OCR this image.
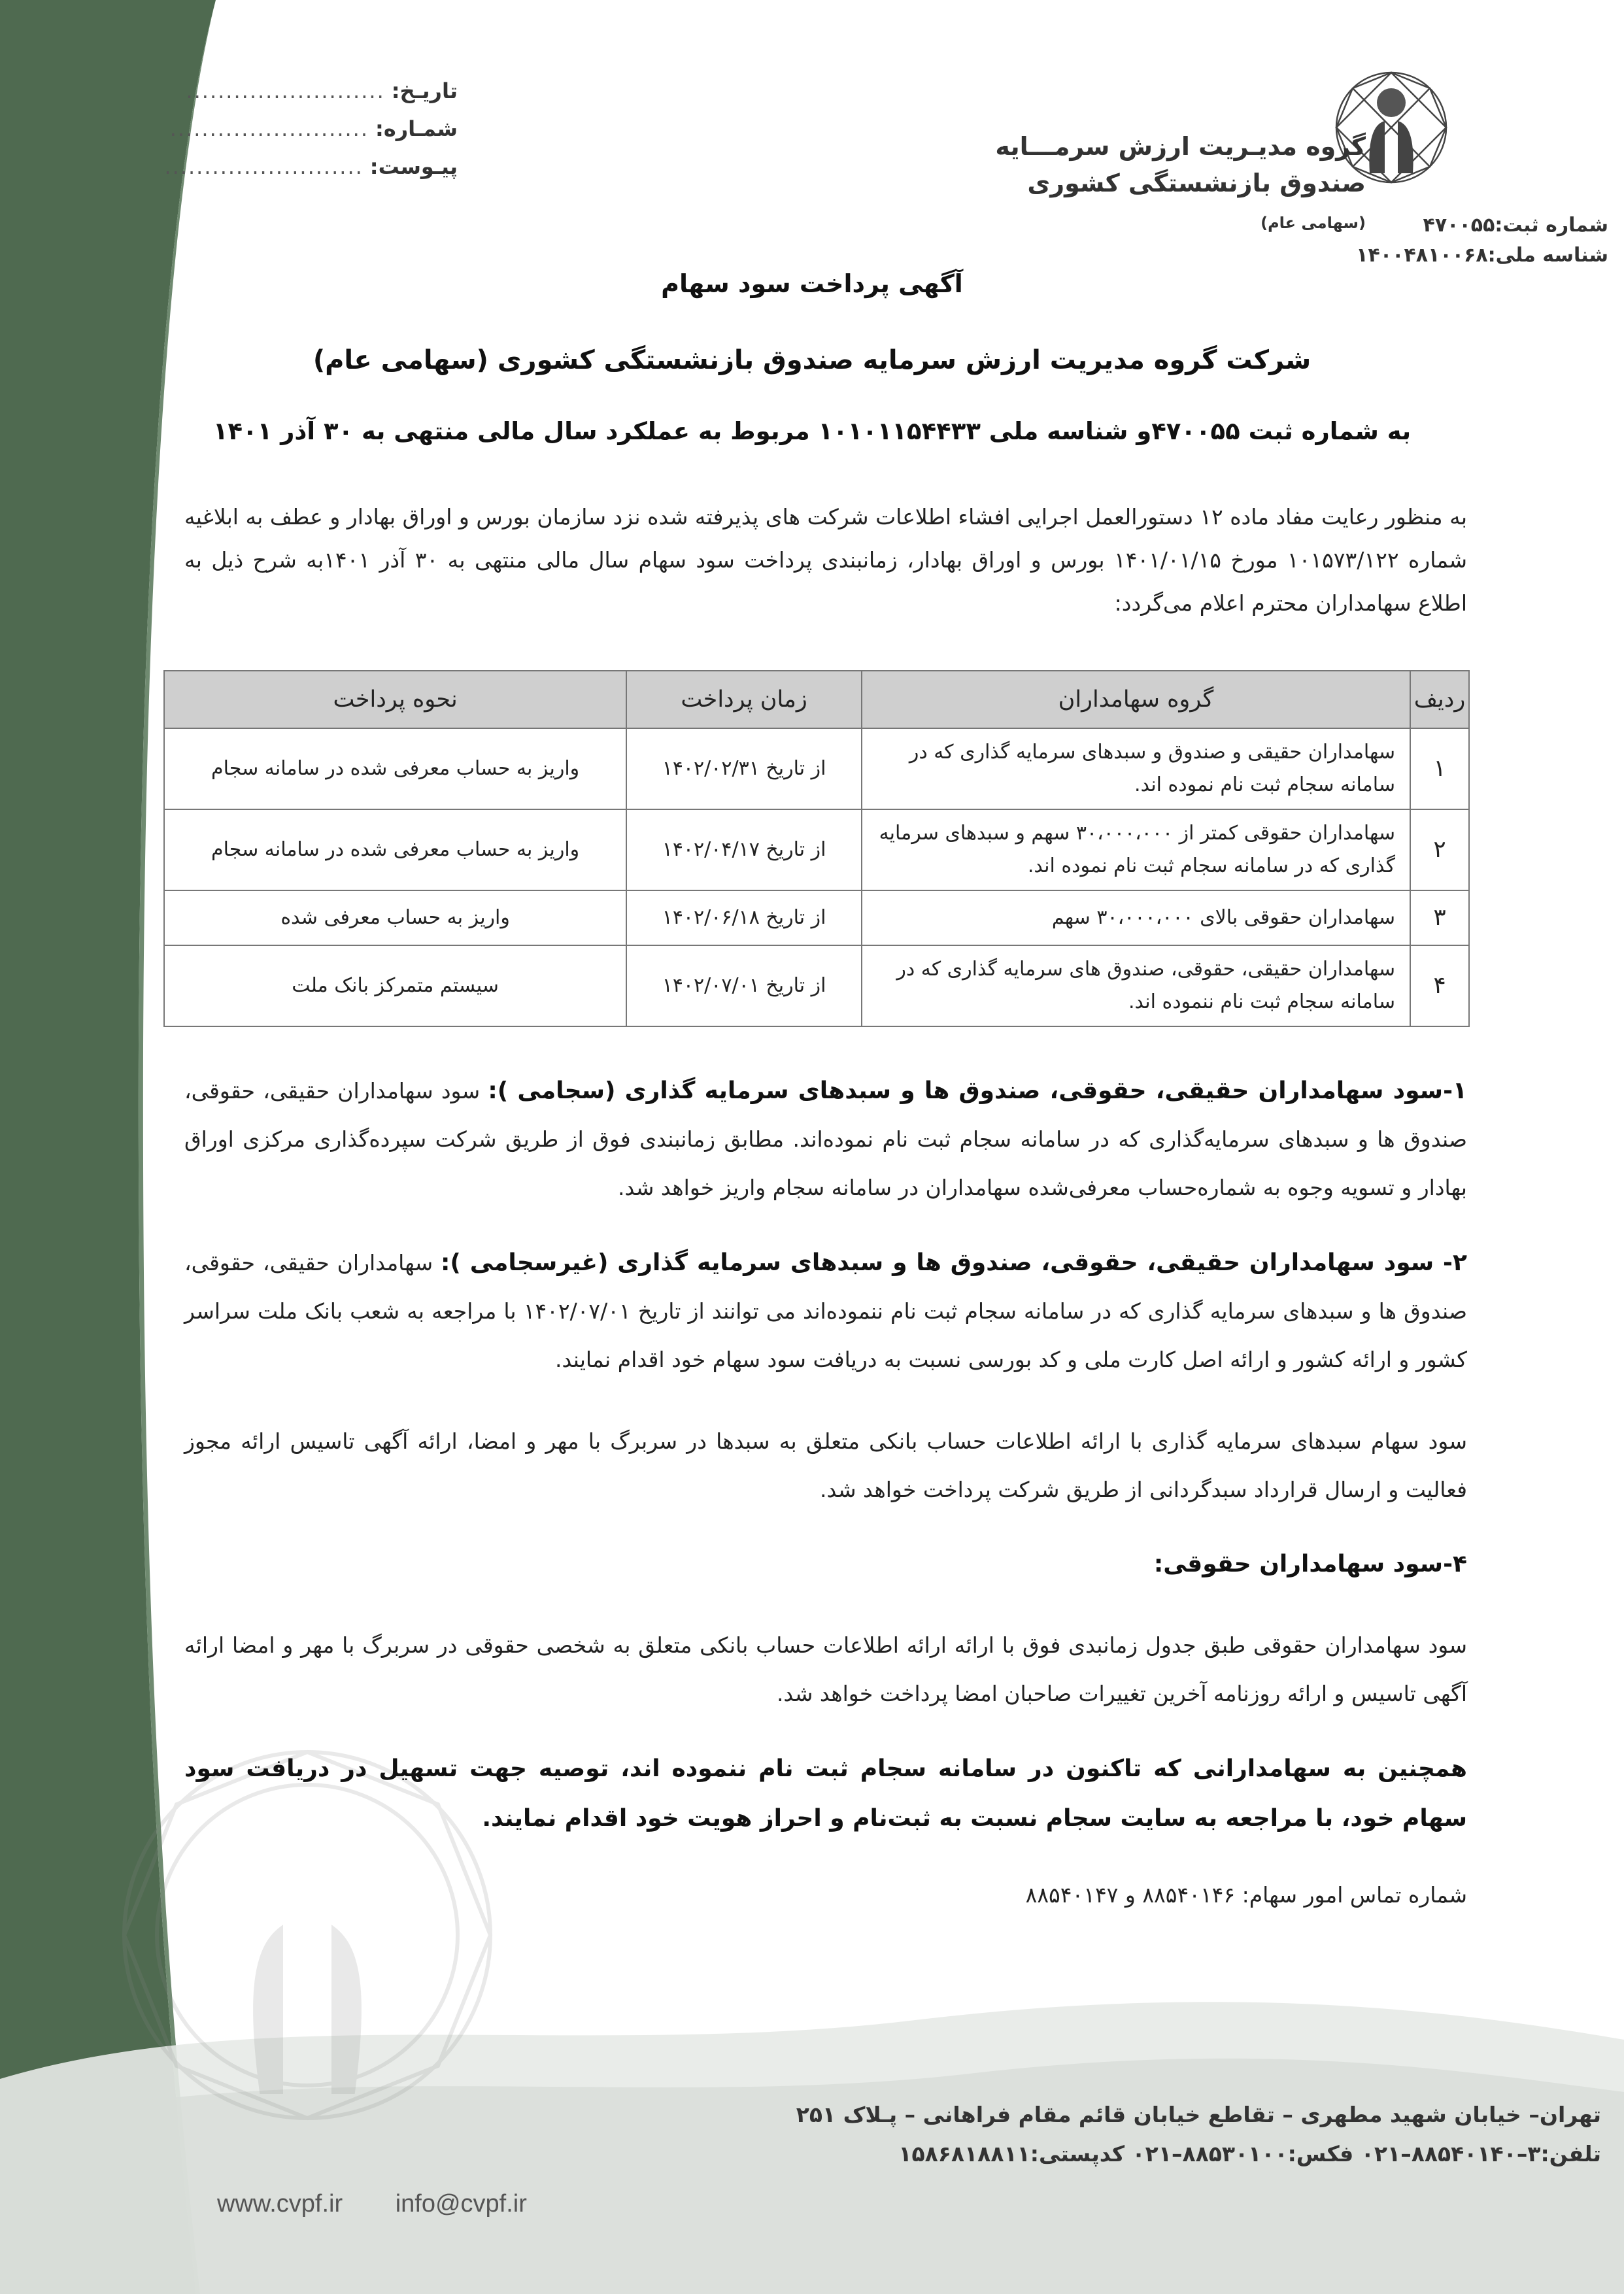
گروه مدیـریت ارزش سرمـــایه
صندوق بازنشستگی کشوری (سهامی عام)	شماره ثبت:۴۷۰۰۵۵
شناسه ملی:۱۴۰۰۴۸۱۰۰۶۸
تاریـخ:
.........................
شمـاره:
.........................
پیـوست:
.........................
آگهی پرداخت سود سهام
شرکت گروه مدیریت ارزش سرمایه صندوق بازنشستگی کشوری (سهامی عام)
به شماره ثبت ۴۷۰۰۵۵و شناسه ملی ۱۰۱۰۱۱۵۴۴۳۳ مربوط به عملکرد سال مالی منتهی به ۳۰ آذر ۱۴۰۱
به منظور رعایت مفاد ماده ۱۲ دستورالعمل اجرایی افشاء اطلاعات شرکت های پذیرفته شده نزد سازمان بورس و اوراق بهادار و عطف به ابلاغیه شماره ۱۰۱۵۷۳/۱۲۲ مورخ ۱۴۰۱/۰۱/۱۵ بورس و اوراق بهادار، زمانبندی پرداخت سود سهام سال مالی منتهی به ۳۰ آذر ۱۴۰۱به شرح ذیل به اطلاع سهامداران محترم اعلام می‌گردد:
ردیف	گروه سهامداران	زمان پرداخت	نحوه پرداخت
۱	سهامداران حقیقی و صندوق و سبدهای سرمایه گذاری که در سامانه سجام ثبت نام نموده اند.	از تاریخ ۱۴۰۲/۰۲/۳۱	واریز به حساب معرفی شده در سامانه سجام
۲	سهامداران حقوقی کمتر از ۳۰،۰۰۰،۰۰۰ سهم و سبدهای سرمایه گذاری که در سامانه سجام ثبت نام نموده اند.	از تاریخ ۱۴۰۲/۰۴/۱۷	واریز به حساب معرفی شده در سامانه سجام
۳	سهامداران حقوقی بالای ۳۰،۰۰۰،۰۰۰ سهم	از تاریخ ۱۴۰۲/۰۶/۱۸	واریز به حساب معرفی شده
۴	سهامداران حقیقی، حقوقی، صندوق های سرمایه گذاری که در سامانه سجام ثبت نام ننموده اند.	از تاریخ ۱۴۰۲/۰۷/۰۱	سیستم متمرکز بانک ملت
۱-سود سهامداران حقیقی، حقوقی، صندوق ها و سبدهای سرمایه گذاری (سجامی ): سود سهامداران حقیقی، حقوقی، صندوق ها و سبدهای سرمایه‌گذاری که در سامانه سجام ثبت نام نموده‌اند. مطابق زمانبندی فوق از طریق شرکت سپرده‌گذاری مرکزی اوراق بهادار و تسویه وجوه به شماره‌حساب معرفی‌شده سهامداران در سامانه سجام واریز خواهد شد.
۲- سود سهامداران حقیقی، حقوقی، صندوق ها و سبدهای سرمایه گذاری (غیرسجامی ): سهامداران حقیقی، حقوقی، صندوق ها و سبدهای سرمایه گذاری که در سامانه سجام ثبت نام ننموده‌اند می توانند از تاریخ ۱۴۰۲/۰۷/۰۱ با مراجعه به شعب بانک ملت سراسر کشور و ارائه کشور و ارائه اصل کارت ملی و کد بورسی نسبت به دریافت سود سهام خود اقدام نمایند.
سود سهام سبدهای سرمایه گذاری با ارائه اطلاعات حساب بانکی متعلق به سبدها در سربرگ با مهر و امضا، ارائه آگهی تاسیس ارائه مجوز فعالیت و ارسال قرارداد سبدگردانی از طریق شرکت پرداخت خواهد شد.
۴-سود سهامداران حقوقی:
سود سهامداران حقوقی طبق جدول زمانبدی فوق با ارائه ارائه اطلاعات حساب بانکی متعلق به شخصی حقوقی در سربرگ با مهر و امضا ارائه آگهی تاسیس و ارائه روزنامه آخرین تغییرات صاحبان امضا پرداخت خواهد شد.
همچنین به سهامدارانی که تاکنون در سامانه سجام ثبت نام ننموده اند، توصیه جهت تسهیل در دریافت سود سهام خود، با مراجعه به سایت سجام نسبت به ثبت‌نام و احراز هویت خود اقدام نمایند.
شماره تماس امور سهام: ۸۸۵۴۰۱۴۶ و ۸۸۵۴۰۱۴۷
تهران– خیابان شهید مطهری – تقاطع خیابان قائم مقام فراهانی – پـلاک ۲۵۱
تلفن:۳–۸۸۵۴۰۱۴۰–۰۲۱ فکس:۸۸۵۳۰۱۰۰–۰۲۱ کدپستی:۱۵۸۶۸۱۸۸۱۱
www.cvpf.ir info@cvpf.ir
